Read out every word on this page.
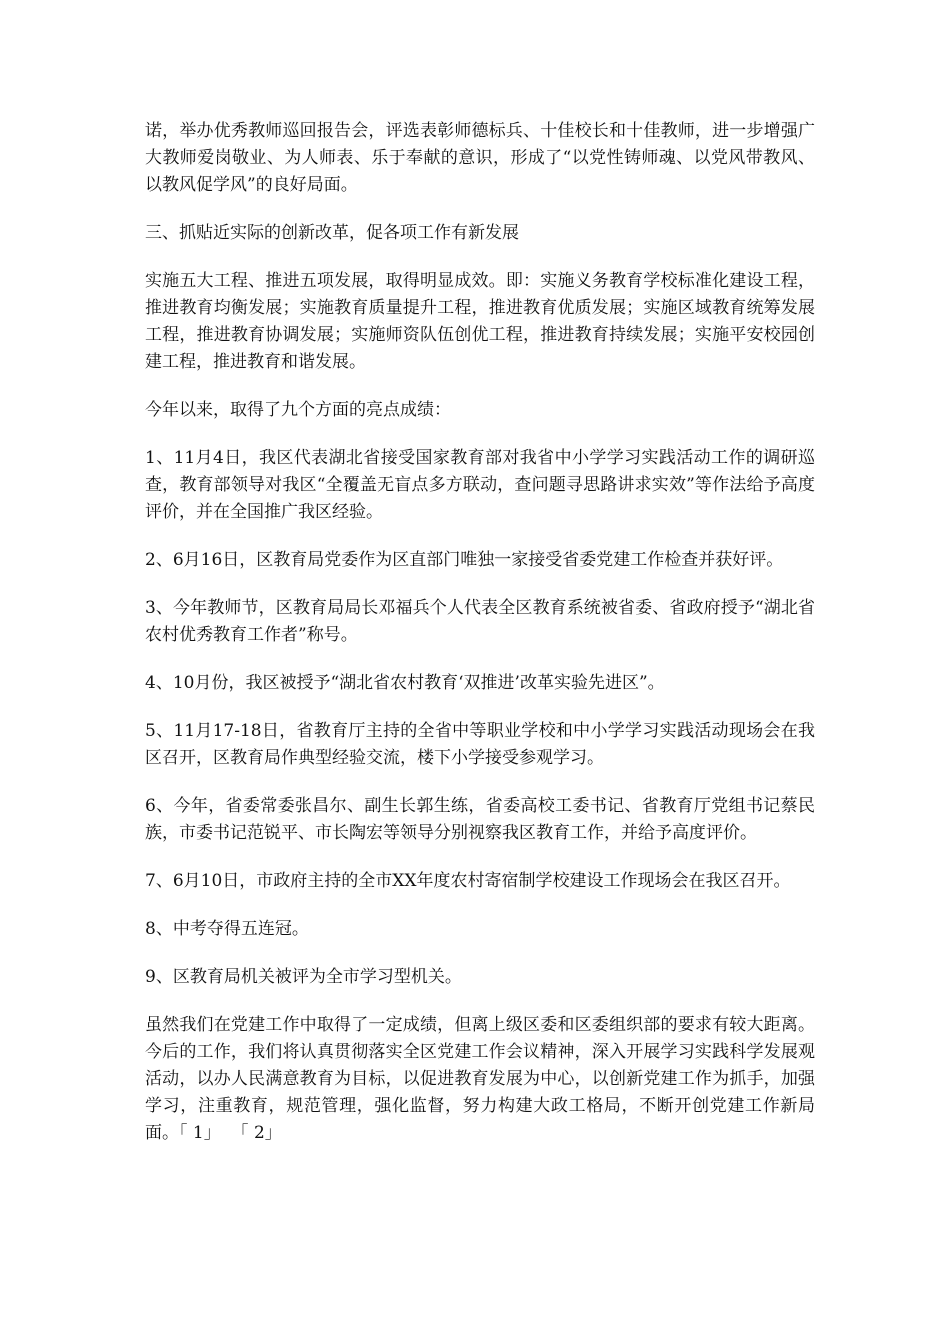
诺，举办优秀教师巡回报告会，评选表彰师德标兵、十佳校长和十佳教师，进一步增强广大教师爱岗敬业、为人师表、乐于奉献的意识，形成了“以党性铸师魂、以党风带教风、以教风促学风”的良好局面。

三、抓贴近实际的创新改革，促各项工作有新发展

实施五大工程、推进五项发展，取得明显成效。即：实施义务教育学校标准化建设工程，推进教育均衡发展；实施教育质量提升工程，推进教育优质发展；实施区域教育统筹发展工程，推进教育协调发展；实施师资队伍创优工程，推进教育持续发展；实施平安校园创建工程，推进教育和谐发展。

今年以来，取得了九个方面的亮点成绩：

1、11月4日，我区代表湖北省接受国家教育部对我省中小学学习实践活动工作的调研巡查，教育部领导对我区“全覆盖无盲点多方联动，查问题寻思路讲求实效”等作法给予高度评价，并在全国推广我区经验。

2、6月16日，区教育局党委作为区直部门唯独一家接受省委党建工作检查并获好评。

3、今年教师节，区教育局局长邓福兵个人代表全区教育系统被省委、省政府授予“湖北省农村优秀教育工作者”称号。

4、10月份，我区被授予“湖北省农村教育‘双推进’改革实验先进区”。

5、11月17-18日，省教育厅主持的全省中等职业学校和中小学学习实践活动现场会在我区召开，区教育局作典型经验交流，楼下小学接受参观学习。

6、今年，省委常委张昌尔、副生长郭生练，省委高校工委书记、省教育厅党组书记蔡民族，市委书记范锐平、市长陶宏等领导分别视察我区教育工作，并给予高度评价。

7、6月10日，市政府主持的全市XX年度农村寄宿制学校建设工作现场会在我区召开。

8、中考夺得五连冠。

9、区教育局机关被评为全市学习型机关。

虽然我们在党建工作中取得了一定成绩，但离上级区委和区委组织部的要求有较大距离。今后的工作，我们将认真贯彻落实全区党建工作会议精神，深入开展学习实践科学发展观活动，以办人民满意教育为目标，以促进教育发展为中心，以创新党建工作为抓手，加强学习，注重教育，规范管理，强化监督，努力构建大政工格局，不断开创党建工作新局面。「 1」 「 2」
